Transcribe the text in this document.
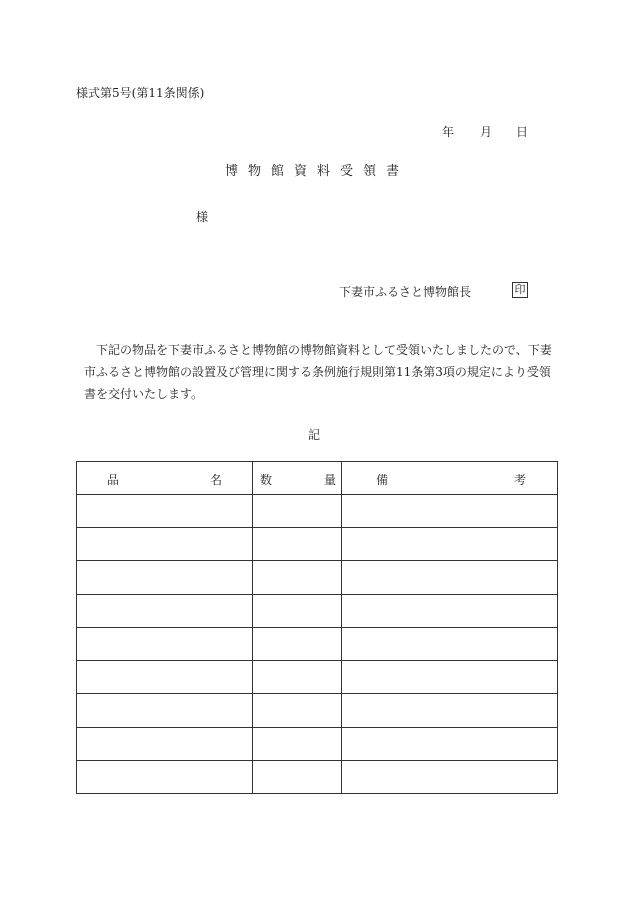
様式第5号(第11条関係)
年 月 日
博 物 館 資 料 受 領 書
様
下妻市ふるさと博物館長	印
　下記の物品を下妻市ふるさと博物館の博物館資料として受領いたしましたので、下妻
市ふるさと博物館の設置及び管理に関する条例施行規則第11条第3項の規定により受領
書を交付いたします。
記
品 名	数 量	備 考
